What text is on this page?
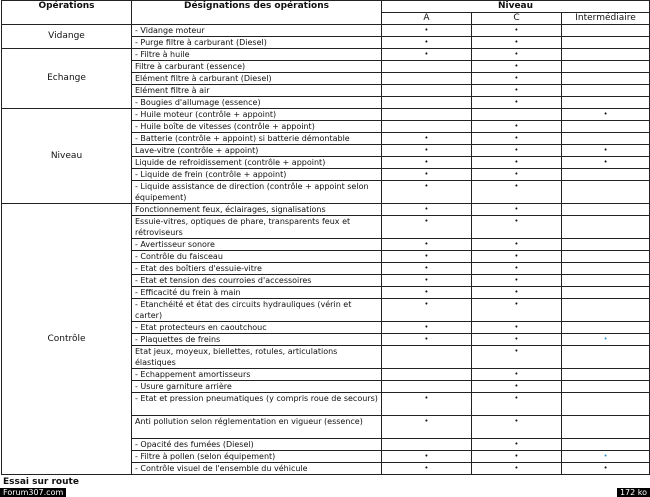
Opérations	Désignations des opérations	Niveau		
		A	C	Intermédiaire
Vidange	- Vidange moteur	•	•	
	- Purge filtre à carburant (Diesel)	•	•	
Echange	- Filtre à huile	•	•	
	Filtre à carburant (essence)		•	
	Elément filtre à carburant (Diesel)		•	
	Elément filtre à air		•	
	- Bougies d'allumage (essence)		•	
Niveau	- Huile moteur (contrôle + appoint)			•
	- Huile boîte de vitesses (contrôle + appoint)		•	
	- Batterie (contrôle + appoint) si batterie démontable	•	•	
	Lave-vitre (contrôle + appoint)	•	•	•
	Liquide de refroidissement (contrôle + appoint)	•	•	•
	- Liquide de frein (contrôle + appoint)	•	•	
	- Liquide assistance de direction (contrôle + appoint selon équipement)	•	•	
Contrôle	Fonctionnement feux, éclairages, signalisations	•	•	
	Essuie-vitres, optiques de phare, transparents feux et rétroviseurs	•	•	
	- Avertisseur sonore	•	•	
	- Contrôle du faisceau	•	•	
	- Etat des boîtiers d'essuie-vitre	•	•	
	- Etat et tension des courroies d'accessoires	•	•	
	- Efficacité du frein à main	•	•	
	- Etanchéité et état des circuits hydrauliques (vérin et carter)	•	•	
	- Etat protecteurs en caoutchouc	•	•	
	- Plaquettes de freins	•	•	•
	Etat jeux, moyeux, biellettes, rotules, articulations élastiques		•	
	- Echappement amortisseurs		•	
	- Usure garniture arrière		•	
	- Etat et pression pneumatiques (y compris roue de secours)	•	•	
	Anti pollution selon réglementation en vigueur (essence)	•	•	
	- Opacité des fumées (Diesel)		•	
	- Filtre à pollen (selon équipement)	•	•	•
	- Contrôle visuel de l'ensemble du véhicule	•	•	•
Essai sur route
Forum307.com	172 ko
